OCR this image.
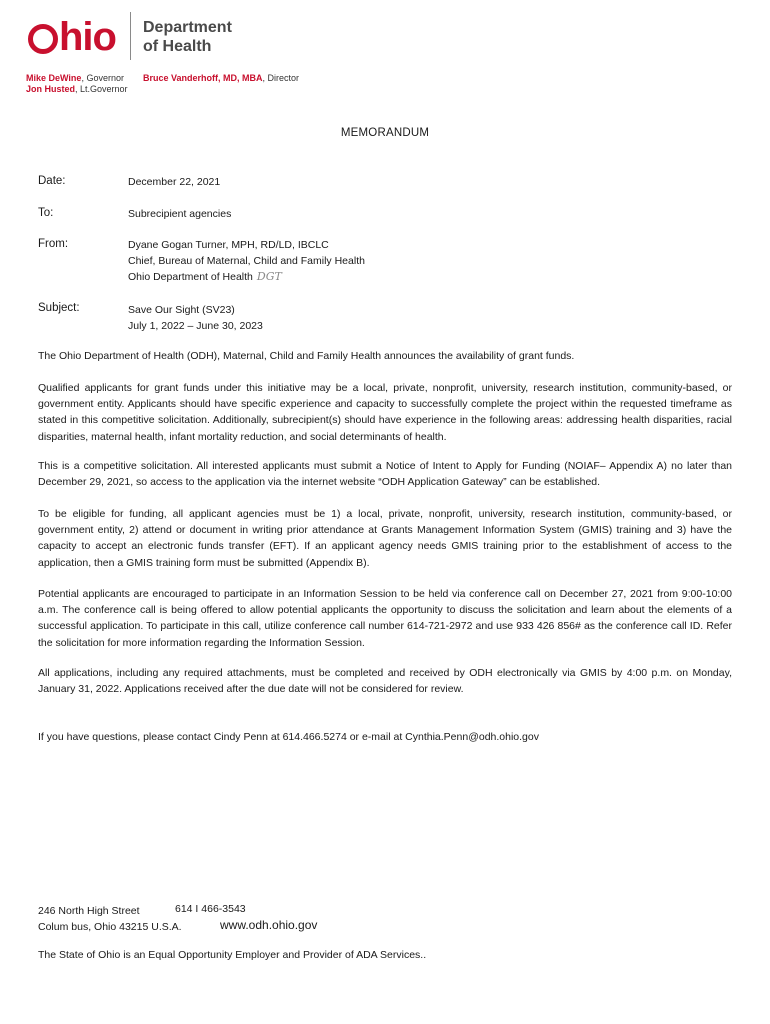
hio Department
of Health
Mike DeWine, Governor
Jon Husted, Lt.Governor
Bruce Vanderhoff, MD, MBA, Director
MEMORANDUM
Date:	December 22, 2021
To:	Subrecipient agencies
From:	Dyane Gogan Turner, MPH, RD/LD, IBCLC
Chief, Bureau of Maternal, Child and Family Health
Ohio Department of Health DGT
Subject:	Save Our Sight (SV23)
July 1, 2022 – June 30, 2023
The Ohio Department of Health (ODH), Maternal, Child and Family Health announces the availability of grant funds.
Qualified applicants for grant funds under this initiative may be a local, private, nonprofit, university, research institution, community-based, or government entity. Applicants should have specific experience and capacity to successfully complete the project within the requested timeframe as stated in this competitive solicitation. Additionally, subrecipient(s) should have experience in the following areas: addressing health disparities, racial disparities, maternal health, infant mortality reduction, and social determinants of health.
This is a competitive solicitation. All interested applicants must submit a Notice of Intent to Apply for Funding (NOIAF– Appendix A) no later than December 29, 2021, so access to the application via the internet website “ODH Application Gateway” can be established.
To be eligible for funding, all applicant agencies must be 1) a local, private, nonprofit, university, research institution, community-based, or government entity, 2) attend or document in writing prior attendance at Grants Management Information System (GMIS) training and 3) have the capacity to accept an electronic funds transfer (EFT). If an applicant agency needs GMIS training prior to the establishment of access to the application, then a GMIS training form must be submitted (Appendix B).
Potential applicants are encouraged to participate in an Information Session to be held via conference call on December 27, 2021 from 9:00-10:00 a.m. The conference call is being offered to allow potential applicants the opportunity to discuss the solicitation and learn about the elements of a successful application. To participate in this call, utilize conference call number 614-721-2972 and use 933 426 856# as the conference call ID. Refer the solicitation for more information regarding the Information Session.
All applications, including any required attachments, must be completed and received by ODH electronically via GMIS by 4:00 p.m. on Monday, January 31, 2022. Applications received after the due date will not be considered for review.
If you have questions, please contact Cindy Penn at 614.466.5274 or e-mail at Cynthia.Penn@odh.ohio.gov
246 North High Street
Colum bus, Ohio 43215 U.S.A.
614 I 466-3543
www.odh.ohio.gov
The State of Ohio is an Equal Opportunity Employer and Provider of ADA Services..
